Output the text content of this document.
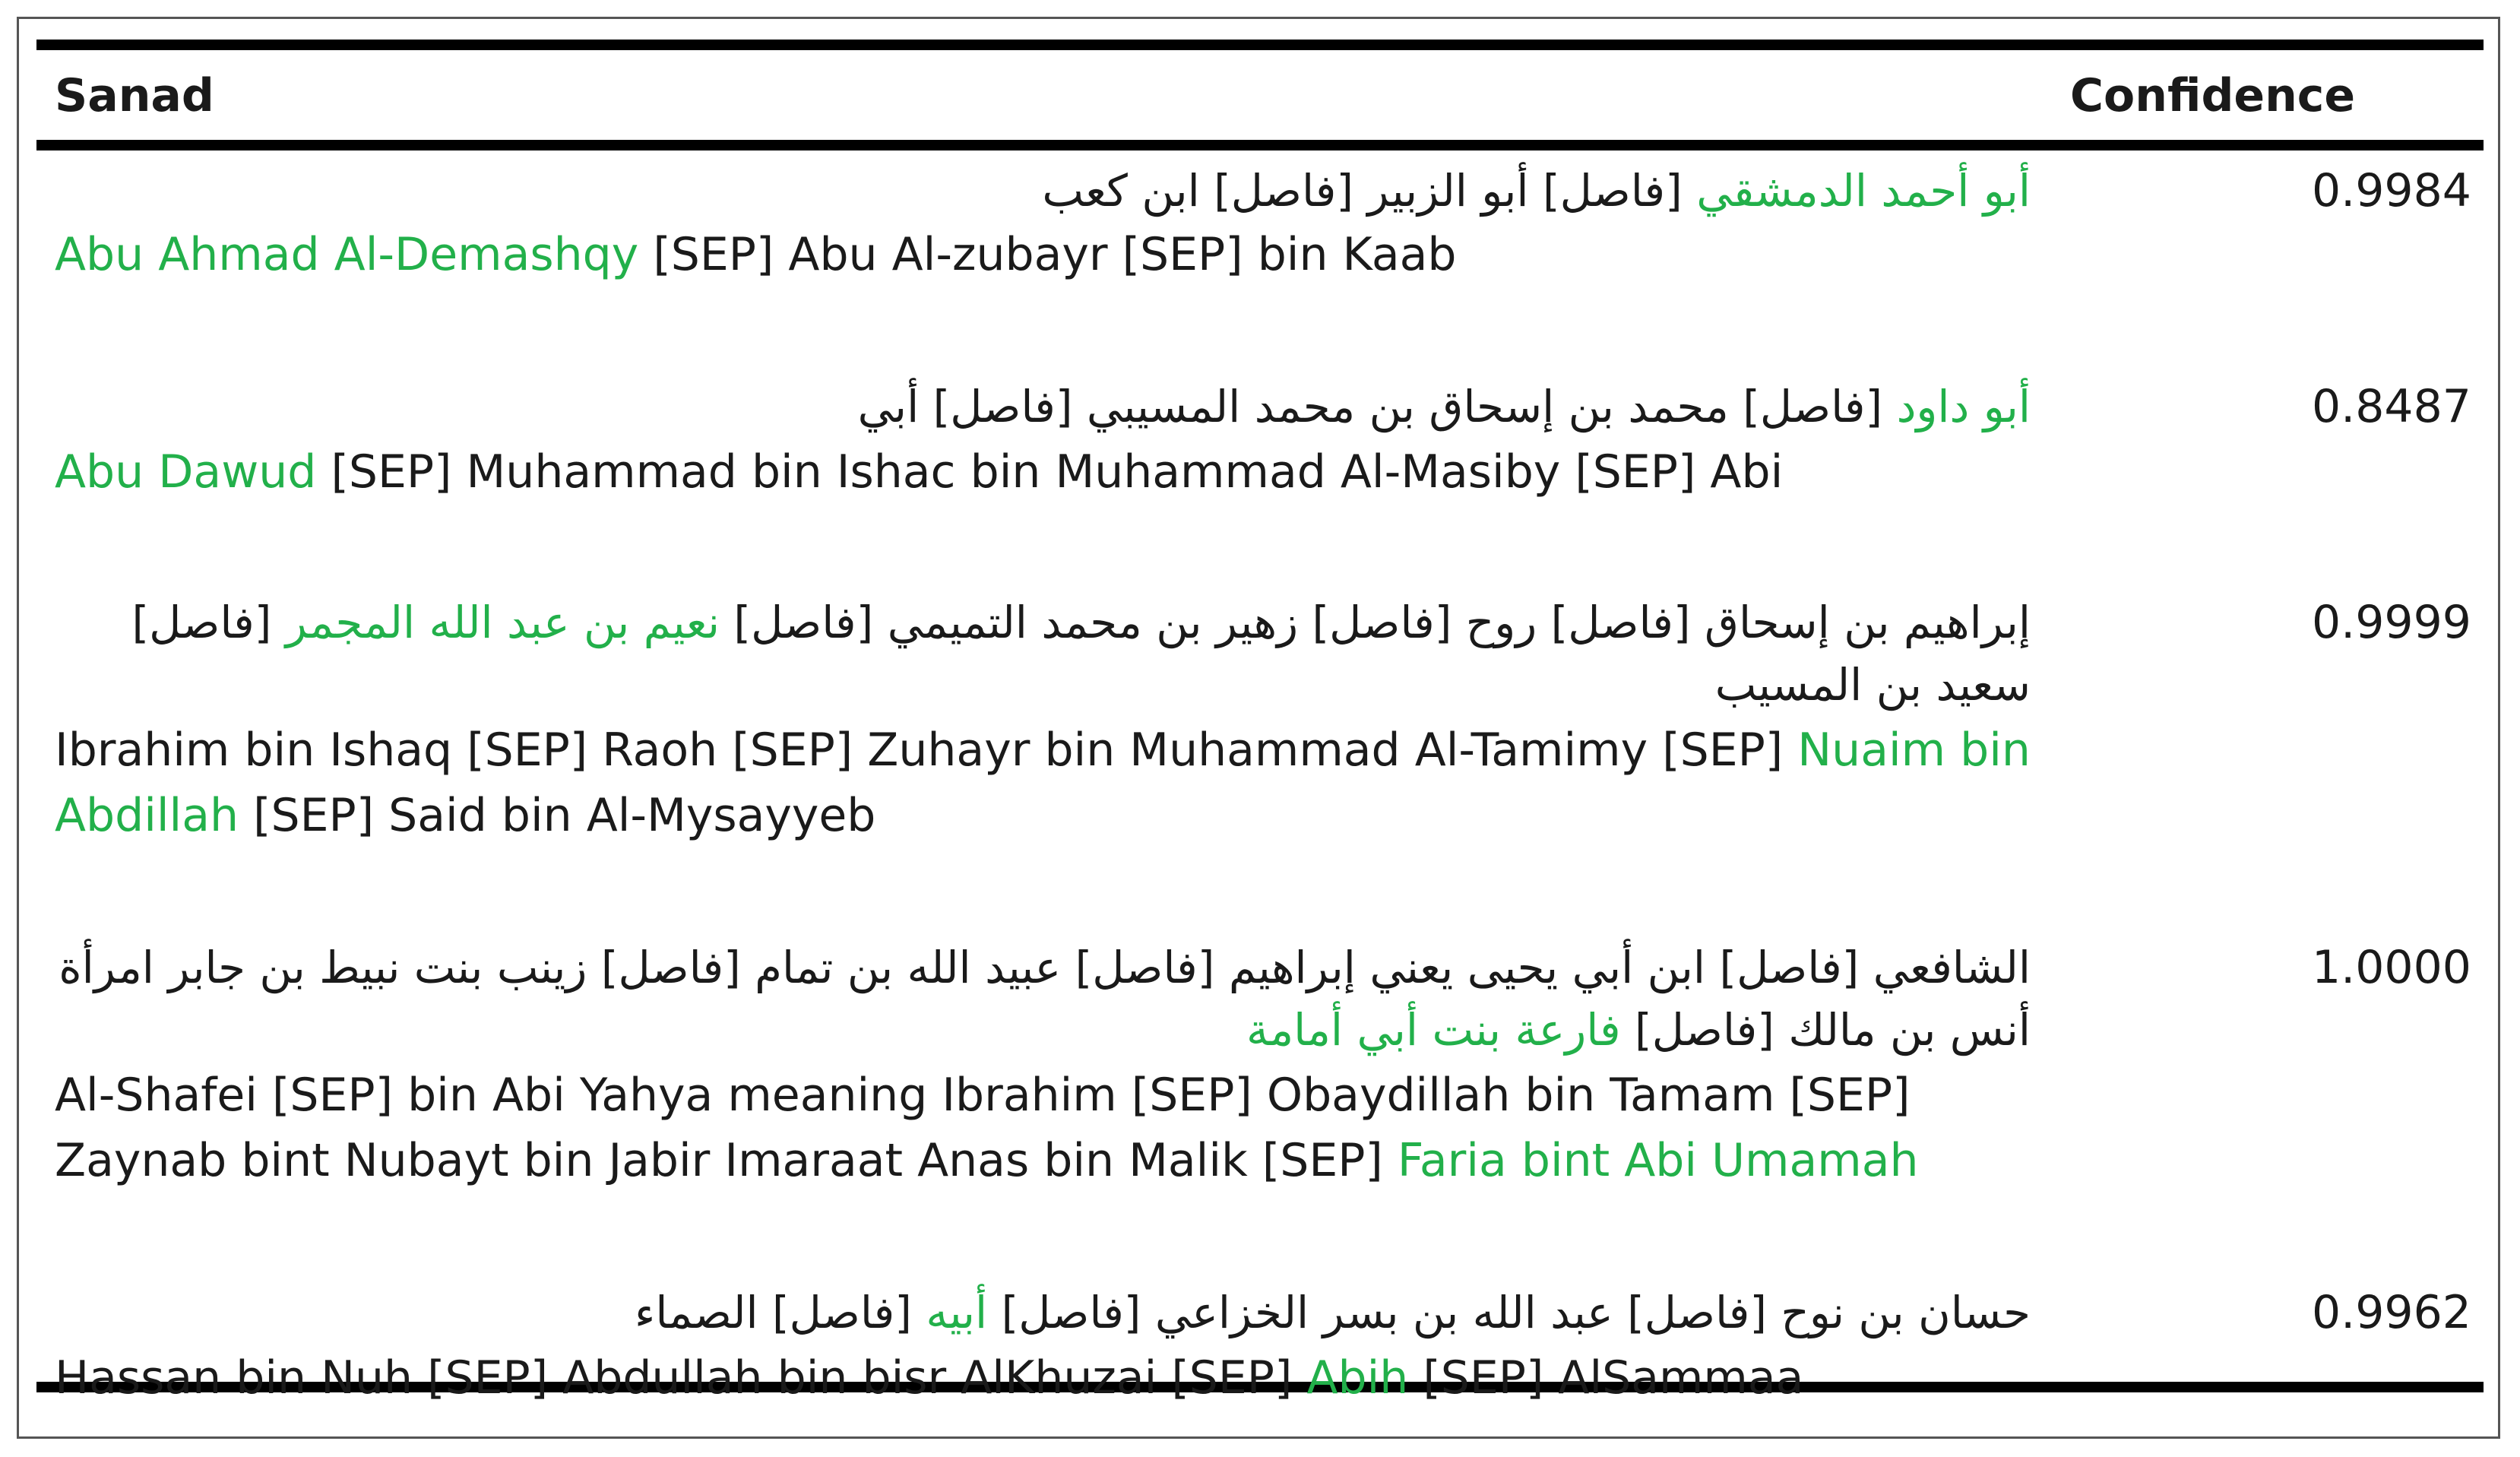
Sanad	Confidence
أبو أحمد الدمشقي [فاصل] أبو الزبير [فاصل] ابن كعب
Abu Ahmad Al-Demashqy [SEP] Abu Al-zubayr [SEP] bin Kaab
0.9984
أبو داود [فاصل] محمد بن إسحاق بن محمد المسيبي [فاصل] أبي
Abu Dawud [SEP] Muhammad bin Ishac bin Muhammad Al-Masiby [SEP] Abi
0.8487
إبراهيم بن إسحاق [فاصل] روح [فاصل] زهير بن محمد التميمي [فاصل] نعيم بن عبد الله المجمر [فاصل] سعيد بن المسيب
Ibrahim bin Ishaq [SEP] Raoh [SEP] Zuhayr bin Muhammad Al-Tamimy [SEP] Nuaim bin Abdillah [SEP] Said bin Al-Mysayyeb
0.9999
الشافعي [فاصل] ابن أبي يحيى يعني إبراهيم [فاصل] عبيد الله بن تمام [فاصل] زينب بنت نبيط بن جابر امرأة أنس بن مالك [فاصل] فارعة بنت أبي أمامة
Al-Shafei [SEP] bin Abi Yahya meaning Ibrahim [SEP] Obaydillah bin Tamam [SEP] Zaynab bint Nubayt bin Jabir Imaraat Anas bin Malik [SEP] Faria bint Abi Umamah
1.0000
حسان بن نوح [فاصل] عبد الله بن بسر الخزاعي [فاصل] أبيه [فاصل] الصماء
Hassan bin Nuh [SEP] Abdullah bin bisr AlKhuzai [SEP] Abih [SEP] AlSammaa
0.9962
